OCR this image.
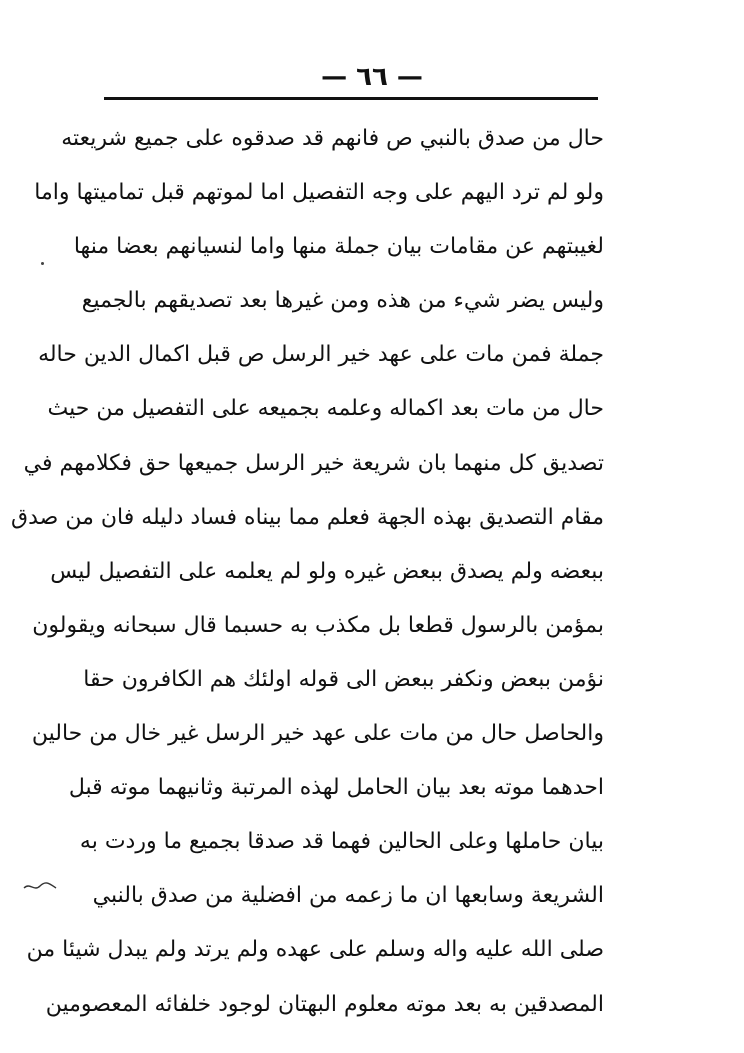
— ٦٦ —
حال من صدق بالنبي ص فانهم قد صدقوه على جميع شريعته
ولو لم ترد اليهم على وجه التفصيل اما لموتهم قبل تماميتها واما
لغيبتهم عن مقامات بيان جملة منها واما لنسيانهم بعضا منها
وليس يضر شيء من هذه ومن غيرها بعد تصديقهم بالجميع
جملة فمن مات على عهد خير الرسل ص قبل اكمال الدين حاله
حال من مات بعد اكماله وعلمه بجميعه على التفصيل من حيث
تصديق كل منهما بان شريعة خير الرسل جميعها حق فكلامهم في
مقام التصديق بهذه الجهة فعلم مما بيناه فساد دليله فان من صدق
ببعضه ولم يصدق ببعض غيره ولو لم يعلمه على التفصيل ليس
بمؤمن بالرسول قطعا بل مكذب به حسبما قال سبحانه ويقولون
نؤمن ببعض ونكفر ببعض الى قوله اولئك هم الكافرون حقا
والحاصل حال من مات على عهد خير الرسل غير خال من حالين
احدهما موته بعد بيان الحامل لهذه المرتبة وثانيهما موته قبل
بيان حاملها وعلى الحالين فهما قد صدقا بجميع ما وردت به
الشريعة وسابعها ان ما زعمه من افضلية من صدق بالنبي
صلى الله عليه واله وسلم على عهده ولم يرتد ولم يبدل شيئا من
المصدقين به بعد موته معلوم البهتان لوجود خلفائه المعصومين
